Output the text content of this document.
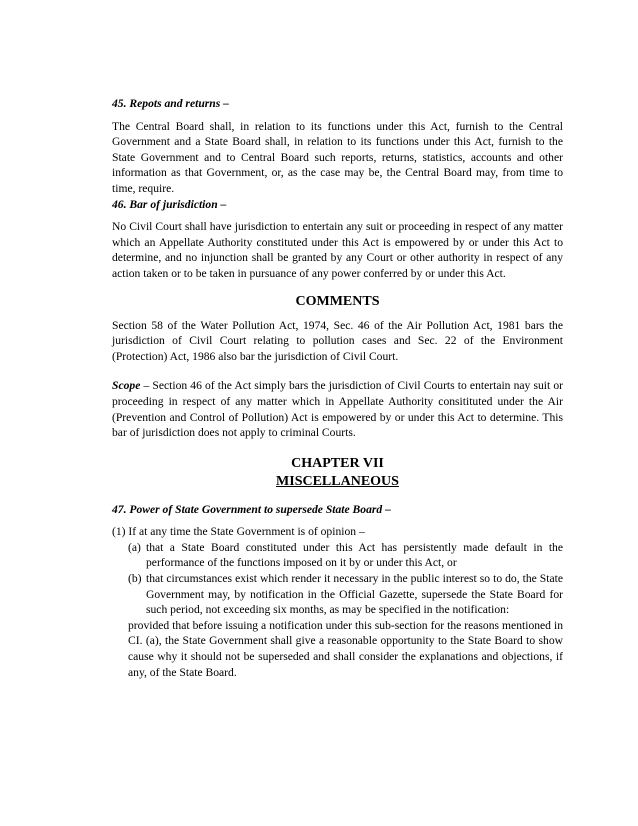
45. Repots and returns –

The Central Board shall, in relation to its functions under this Act, furnish to the Central Government and a State Board shall, in relation to its functions under this Act, furnish to the State Government and to Central Board such reports, returns, statistics, accounts and other information as that Government, or, as the case may be, the Central Board may, from time to time, require.

46. Bar of jurisdiction –

No Civil Court shall have jurisdiction to entertain any suit or proceeding in respect of any matter which an Appellate Authority constituted under this Act is empowered by or under this Act to determine, and no injunction shall be granted by any Court or other authority in respect of any action taken or to be taken in pursuance of any power conferred by or under this Act.

COMMENTS

Section 58 of the Water Pollution Act, 1974, Sec. 46 of the Air Pollution Act, 1981 bars the jurisdiction of Civil Court relating to pollution cases and Sec. 22 of the Environment (Protection) Act, 1986 also bar the jurisdiction of Civil Court.

Scope – Section 46 of the Act simply bars the jurisdiction of Civil Courts to entertain nay suit or proceeding in respect of any matter which in Appellate Authority consitituted under the Air (Prevention and Control of Pollution) Act is empowered by or under this Act to determine. This bar of jurisdiction does not apply to criminal Courts.

CHAPTER VII

MISCELLANEOUS

47. Power of State Government to supersede State Board –

(1) If at any time the State Government is of opinion –

(a) that a State Board constituted under this Act has persistently made default in the performance of the functions imposed on it by or under this Act, or
(b) that circumstances exist which render it necessary in the public interest so to do, the State Government may, by notification in the Official Gazette, supersede the State Board for such period, not exceeding six months, as may be specified in the notification:

provided that before issuing a notification under this sub-section for the reasons mentioned in CI. (a), the State Government shall give a reasonable opportunity to the State Board to show cause why it should not be superseded and shall consider the explanations and objections, if any, of the State Board.
